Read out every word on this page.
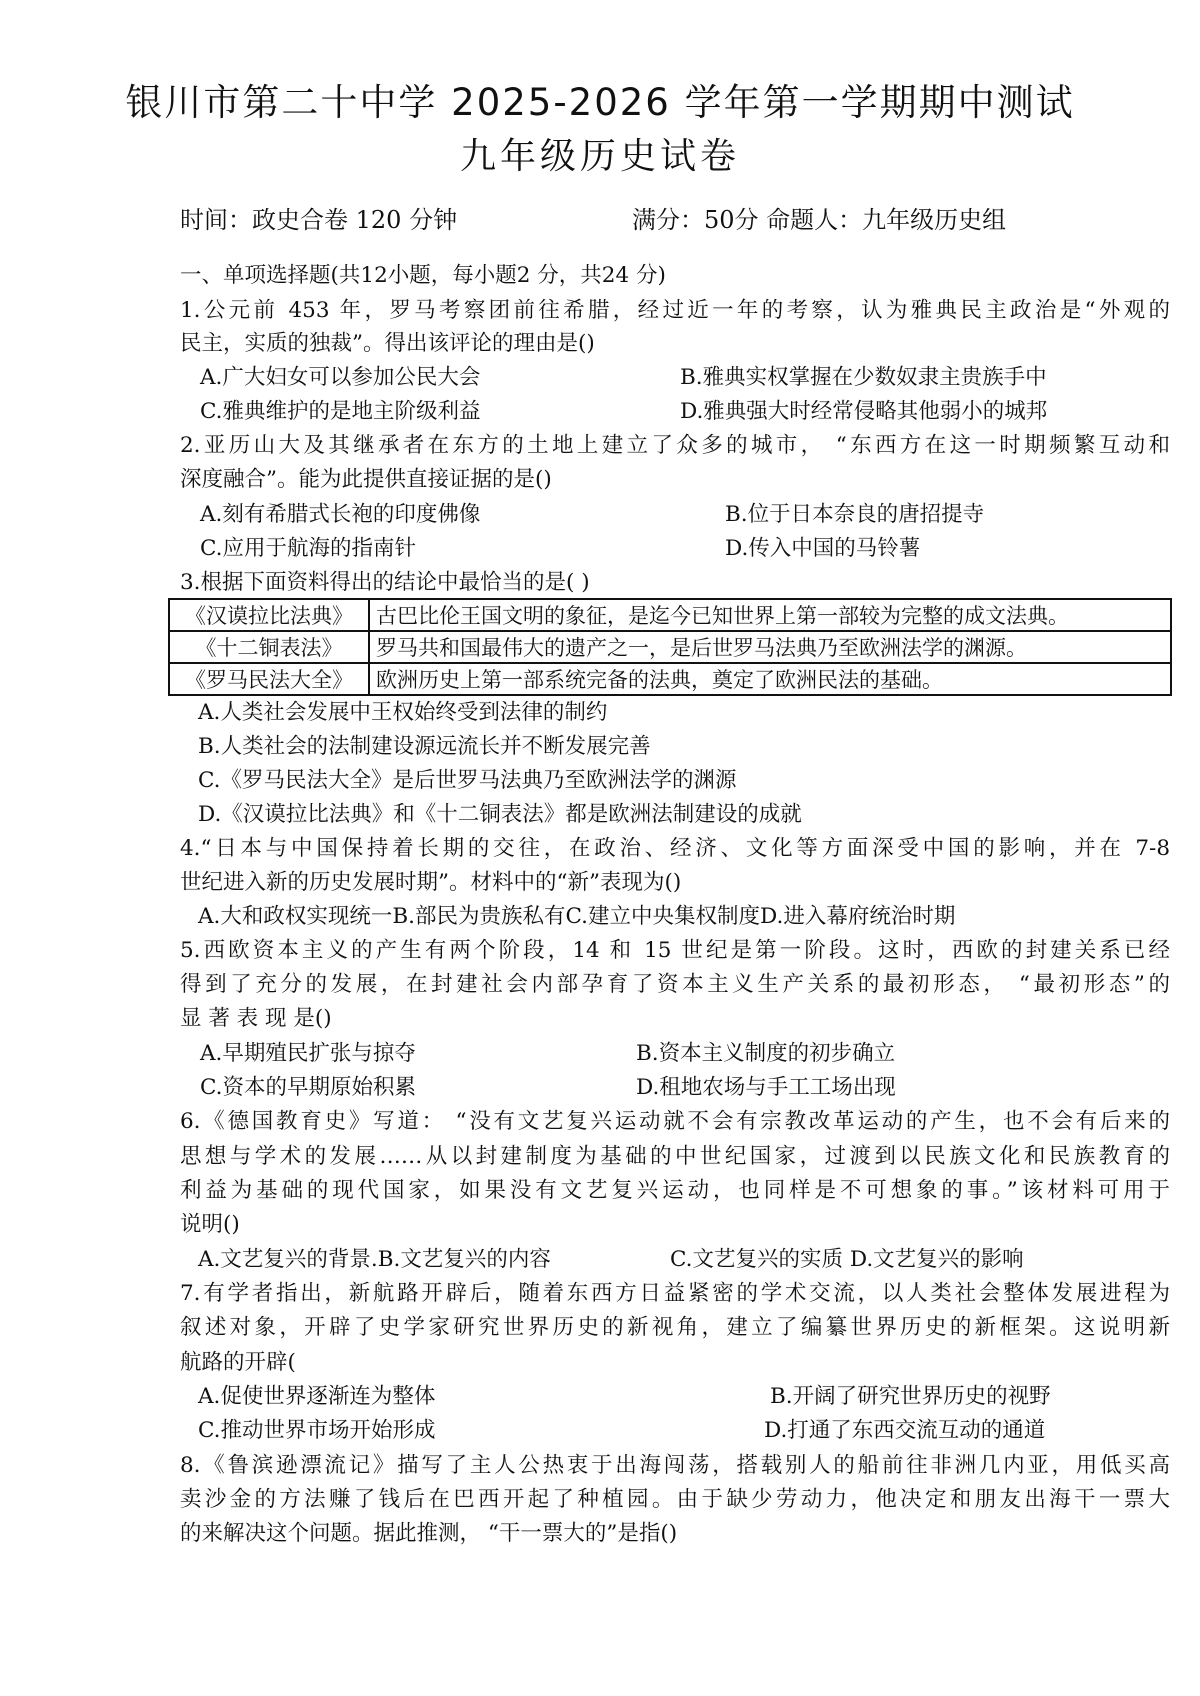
银川市第二十中学 2025-2026 学年第一学期期中测试
九年级历史试卷
时间：政史合卷 120 分钟	满分：50分 命题人：九年级历史组
一、单项选择题(共12小题，每小题2 分，共24 分)
1.公元前 453 年，罗马考察团前往希腊，经过近一年的考察，认为雅典民主政治是“外观的
民主，实质的独裁”。得出该评论的理由是()
A.广大妇女可以参加公民大会	B.雅典实权掌握在少数奴隶主贵族手中
C.雅典维护的是地主阶级利益	D.雅典强大时经常侵略其他弱小的城邦
2.亚历山大及其继承者在东方的土地上建立了众多的城市， “东西方在这一时期频繁互动和
深度融合”。能为此提供直接证据的是()
A.刻有希腊式长袍的印度佛像	B.位于日本奈良的唐招提寺
C.应用于航海的指南针	D.传入中国的马铃薯
3.根据下面资料得出的结论中最恰当的是( )
《汉谟拉比法典》	古巴比伦王国文明的象征，是迄今已知世界上第一部较为完整的成文法典。
《十二铜表法》	罗马共和国最伟大的遗产之一，是后世罗马法典乃至欧洲法学的渊源。
《罗马民法大全》	欧洲历史上第一部系统完备的法典，奠定了欧洲民法的基础。
A.人类社会发展中王权始终受到法律的制约
B.人类社会的法制建设源远流长并不断发展完善
C.《罗马民法大全》是后世罗马法典乃至欧洲法学的渊源
D.《汉谟拉比法典》和《十二铜表法》都是欧洲法制建设的成就
4.“日本与中国保持着长期的交往，在政治、经济、文化等方面深受中国的影响，并在 7-8
世纪进入新的历史发展时期”。材料中的“新”表现为()
A.大和政权实现统一B.部民为贵族私有C.建立中央集权制度D.进入幕府统治时期
5.西欧资本主义的产生有两个阶段，14 和 15 世纪是第一阶段。这时，西欧的封建关系已经
得到了充分的发展，在封建社会内部孕育了资本主义生产关系的最初形态， “最初形态”的
显 著 表 现 是()
A.早期殖民扩张与掠夺	B.资本主义制度的初步确立
C.资本的早期原始积累	D.租地农场与手工工场出现
6.《德国教育史》写道： “没有文艺复兴运动就不会有宗教改革运动的产生，也不会有后来的
思想与学术的发展……从以封建制度为基础的中世纪国家，过渡到以民族文化和民族教育的
利益为基础的现代国家，如果没有文艺复兴运动，也同样是不可想象的事。”该材料可用于
说明()
A.文艺复兴的背景.B.文艺复兴的内容	C.文艺复兴的实质 D.文艺复兴的影响
7.有学者指出，新航路开辟后，随着东西方日益紧密的学术交流，以人类社会整体发展进程为
叙述对象，开辟了史学家研究世界历史的新视角，建立了编纂世界历史的新框架。这说明新
航路的开辟(
A.促使世界逐渐连为整体	B.开阔了研究世界历史的视野
C.推动世界市场开始形成	D.打通了东西交流互动的通道
8.《鲁滨逊漂流记》描写了主人公热衷于出海闯荡，搭载别人的船前往非洲几内亚，用低买高
卖沙金的方法赚了钱后在巴西开起了种植园。由于缺少劳动力，他决定和朋友出海干一票大
的来解决这个问题。据此推测， “干一票大的”是指()
